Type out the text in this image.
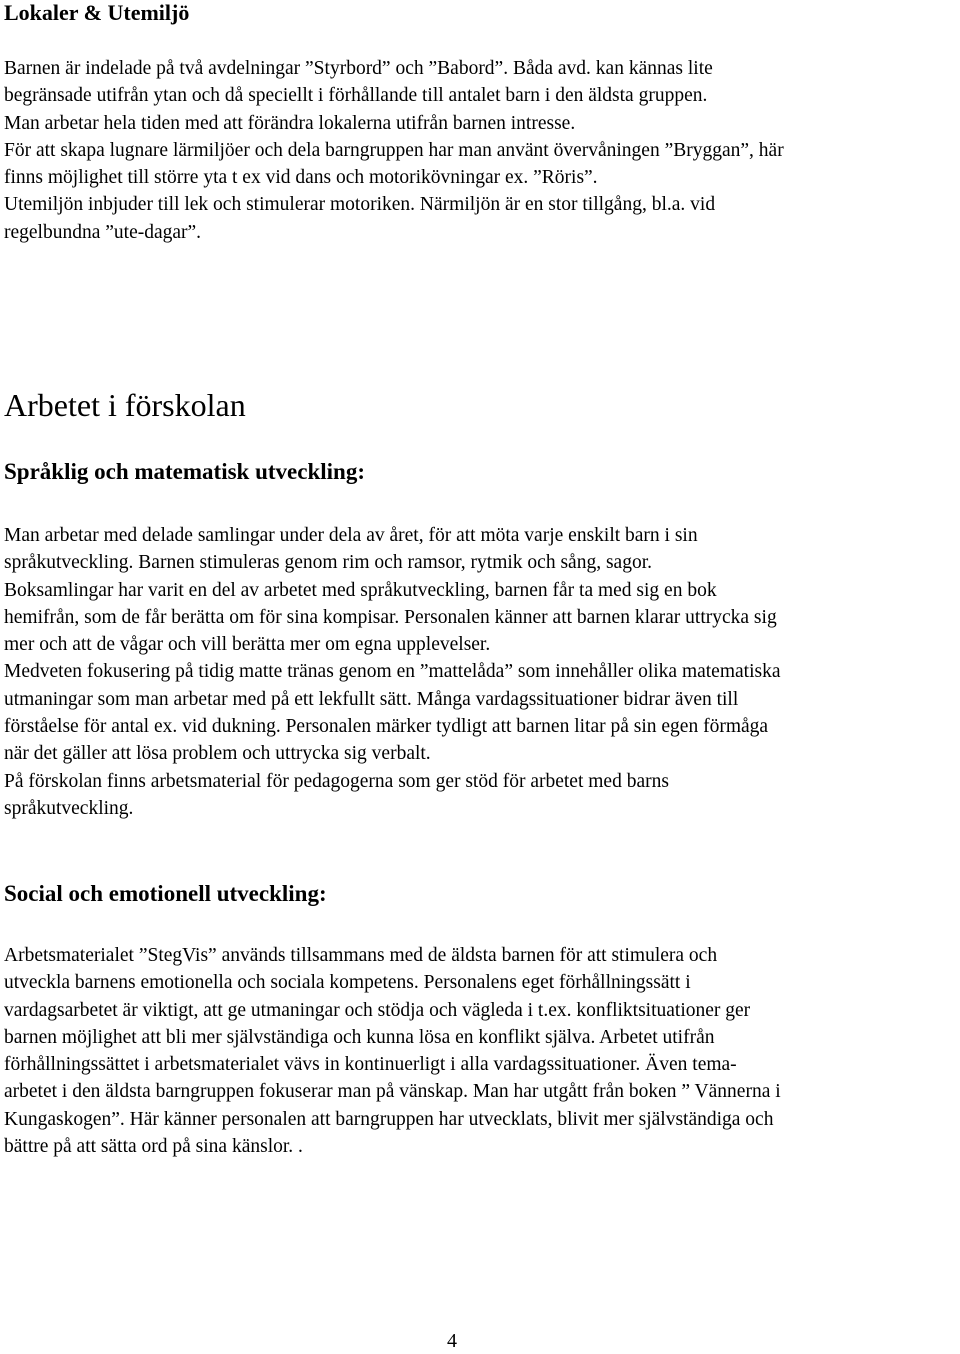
Lokaler & Utemiljö

Barnen är indelade på två avdelningar ”Styrbord” och ”Babord”. Båda avd. kan kännas lite
begränsade utifrån ytan och då speciellt i förhållande till antalet barn i den äldsta gruppen.
Man arbetar hela tiden med att förändra lokalerna utifrån barnen intresse.
För att skapa lugnare lärmiljöer och dela barngruppen har man använt övervåningen ”Bryggan”, här
finns möjlighet till större yta t ex vid dans och motorikövningar ex. ”Röris”.
Utemiljön inbjuder till lek och stimulerar motoriken. Närmiljön är en stor tillgång, bl.a. vid
regelbundna ”ute-dagar”.

Arbetet i förskolan
Språklig och matematisk utveckling:

Man arbetar med delade samlingar under dela av året, för att möta varje enskilt barn i sin
språkutveckling. Barnen stimuleras genom rim och ramsor, rytmik och sång, sagor.
Boksamlingar har varit en del av arbetet med språkutveckling, barnen får ta med sig en bok
hemifrån, som de får berätta om för sina kompisar. Personalen känner att barnen klarar uttrycka sig
mer och att de vågar och vill berätta mer om egna upplevelser.
Medveten fokusering på tidig matte tränas genom en ”mattelåda” som innehåller olika matematiska
utmaningar som man arbetar med på ett lekfullt sätt. Många vardagssituationer bidrar även till
förståelse för antal ex. vid dukning. Personalen märker tydligt att barnen litar på sin egen förmåga
när det gäller att lösa problem och uttrycka sig verbalt.
På förskolan finns arbetsmaterial för pedagogerna som ger stöd för arbetet med barns
språkutveckling.

Social och emotionell utveckling:

Arbetsmaterialet ”StegVis” används tillsammans med de äldsta barnen för att stimulera och
utveckla barnens emotionella och sociala kompetens. Personalens eget förhållningssätt i
vardagsarbetet är viktigt, att ge utmaningar och stödja och vägleda i t.ex. konfliktsituationer ger
barnen möjlighet att bli mer självständiga och kunna lösa en konflikt själva. Arbetet utifrån
förhållningssättet i arbetsmaterialet vävs in kontinuerligt i alla vardagssituationer. Även tema-
arbetet i den äldsta barngruppen fokuserar man på vänskap. Man har utgått från boken ” Vännerna i
Kungaskogen”. Här känner personalen att barngruppen har utvecklats, blivit mer självständiga och
bättre på att sätta ord på sina känslor. .

4
